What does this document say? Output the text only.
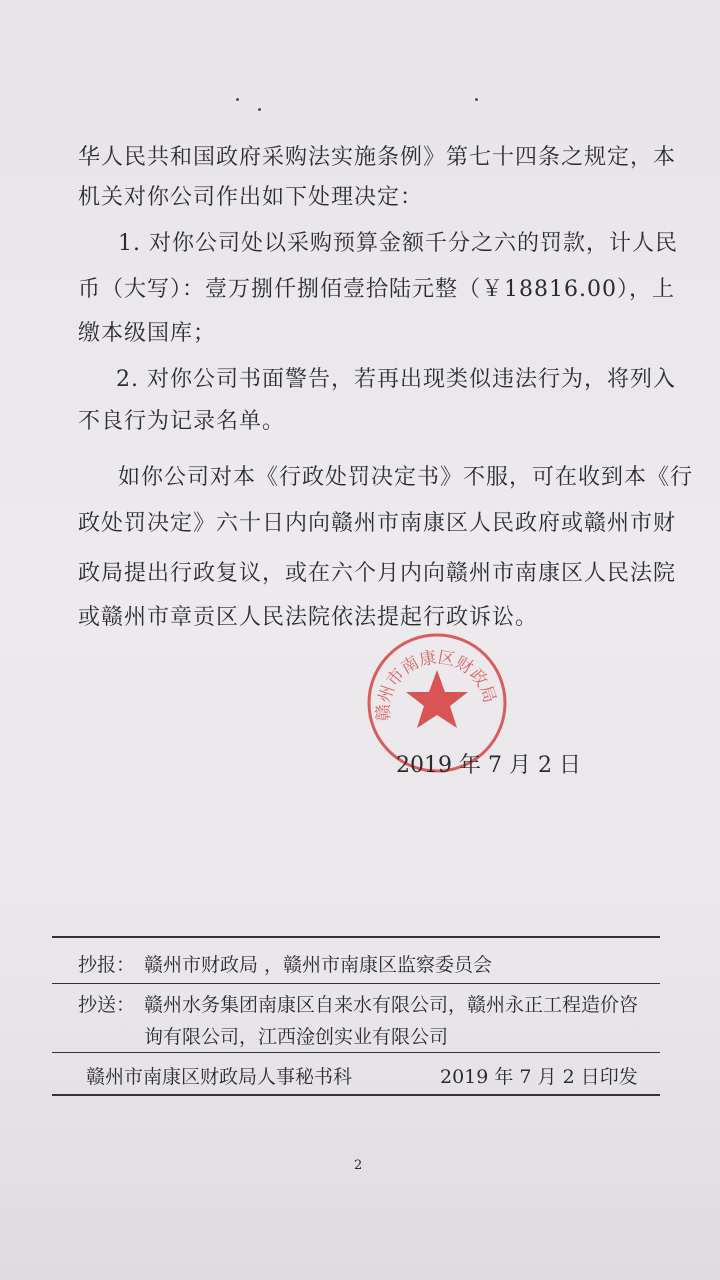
华人民共和国政府采购法实施条例》第七十四条之规定，本
机关对你公司作出如下处理决定：
1. 对你公司处以采购预算金额千分之六的罚款，计人民
币（大写）：壹万捌仟捌佰壹拾陆元整（￥18816.00），上
缴本级国库；
2. 对你公司书面警告，若再出现类似违法行为，将列入
不良行为记录名单。
如你公司对本《行政处罚决定书》不服，可在收到本《行
政处罚决定》六十日内向赣州市南康区人民政府或赣州市财
政局提出行政复议，或在六个月内向赣州市南康区人民法院
或赣州市章贡区人民法院依法提起行政诉讼。
赣州市南康区财政局
2019 年 7 月 2 日
抄报： 赣州市财政局 ，赣州市南康区监察委员会
抄送： 赣州水务集团南康区自来水有限公司，赣州永正工程造价咨
询有限公司，江西淦创实业有限公司
赣州市南康区财政局人事秘书科	2019 年 7 月 2 日印发
2
